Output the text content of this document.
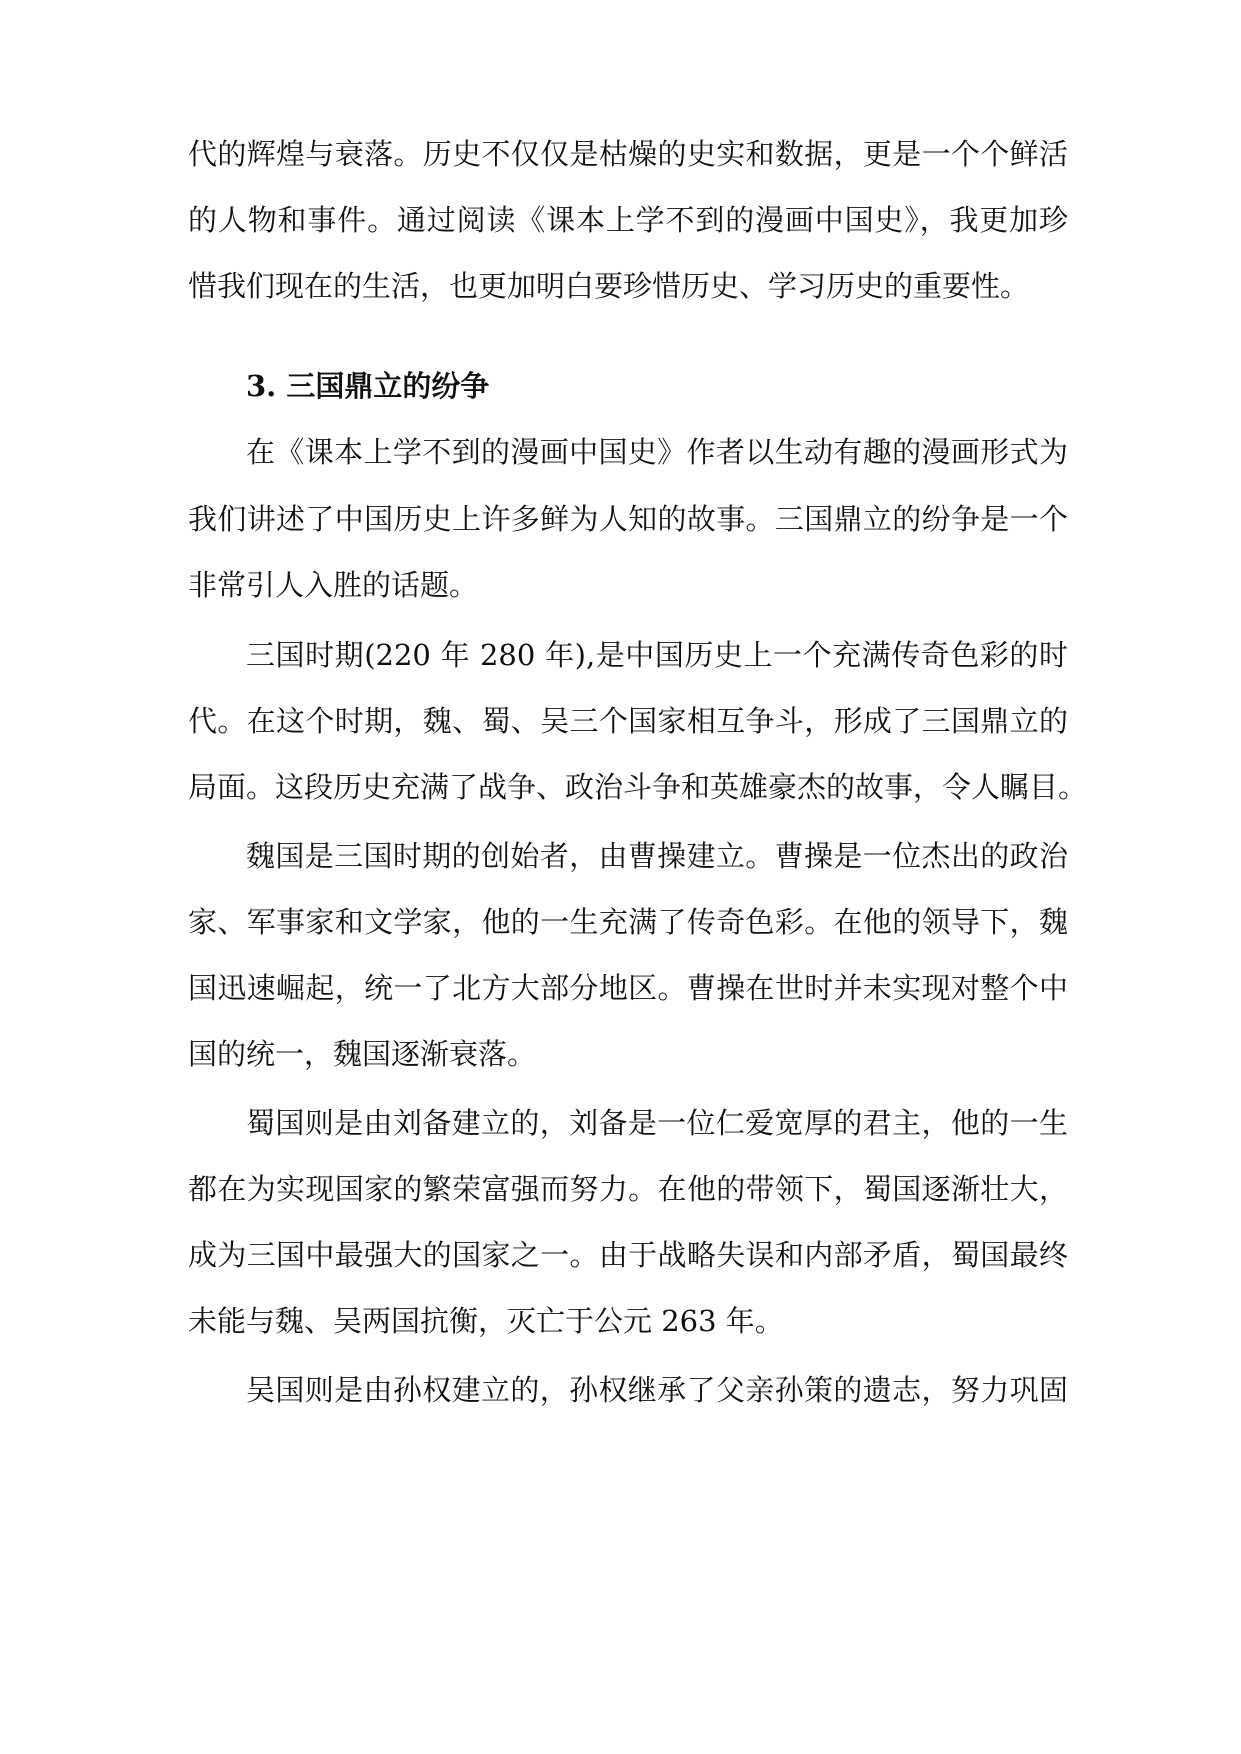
代的辉煌与衰落。历史不仅仅是枯燥的史实和数据，更是一个个鲜活
的人物和事件。通过阅读《课本上学不到的漫画中国史》，我更加珍
惜我们现在的生活，也更加明白要珍惜历史、学习历史的重要性。
3. 三国鼎立的纷争
在《课本上学不到的漫画中国史》作者以生动有趣的漫画形式为
我们讲述了中国历史上许多鲜为人知的故事。三国鼎立的纷争是一个
非常引人入胜的话题。
三国时期(220 年 280 年),是中国历史上一个充满传奇色彩的时
代。在这个时期，魏、蜀、吴三个国家相互争斗，形成了三国鼎立的
局面。这段历史充满了战争、政治斗争和英雄豪杰的故事，令人瞩目。
魏国是三国时期的创始者，由曹操建立。曹操是一位杰出的政治
家、军事家和文学家，他的一生充满了传奇色彩。在他的领导下，魏
国迅速崛起，统一了北方大部分地区。曹操在世时并未实现对整个中
国的统一，魏国逐渐衰落。
蜀国则是由刘备建立的，刘备是一位仁爱宽厚的君主，他的一生
都在为实现国家的繁荣富强而努力。在他的带领下，蜀国逐渐壮大，
成为三国中最强大的国家之一。由于战略失误和内部矛盾，蜀国最终
未能与魏、吴两国抗衡，灭亡于公元 263 年。
吴国则是由孙权建立的，孙权继承了父亲孙策的遗志，努力巩固
